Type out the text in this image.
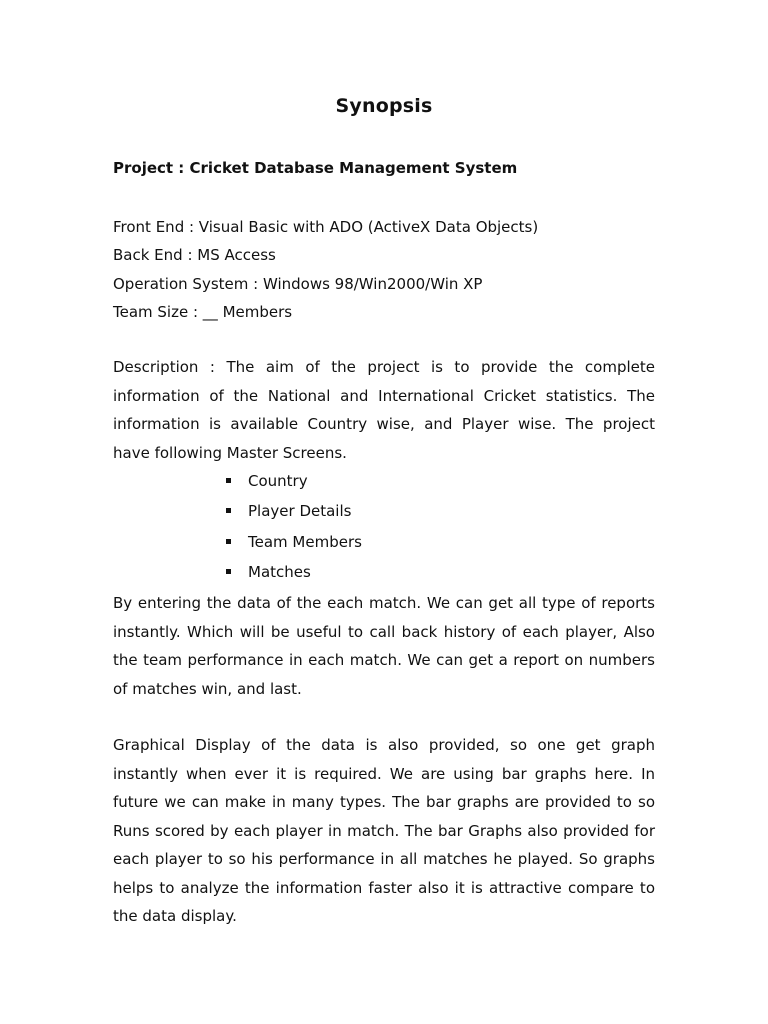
Synopsis
Project : Cricket Database Management System
Front End : Visual Basic with ADO (ActiveX Data Objects)
Back End : MS Access
Operation System : Windows 98/Win2000/Win XP
Team Size : __ Members
Description : The aim of the project is to provide the complete
information of the National and International Cricket statistics. The
information is available Country wise, and Player wise. The project
have following Master Screens.
Country
Player Details
Team Members
Matches
By entering the data of the each match. We can get all type of reports
instantly. Which will be useful to call back history of each player, Also
the team performance in each match. We can get a report on numbers
of matches win, and last.
Graphical Display of the data is also provided, so one get graph
instantly when ever it is required. We are using bar graphs here. In
future we can make in many types. The bar graphs are provided to so
Runs scored by each player in match. The bar Graphs also provided for
each player to so his performance in all matches he played. So graphs
helps to analyze the information faster also it is attractive compare to
the data display.
